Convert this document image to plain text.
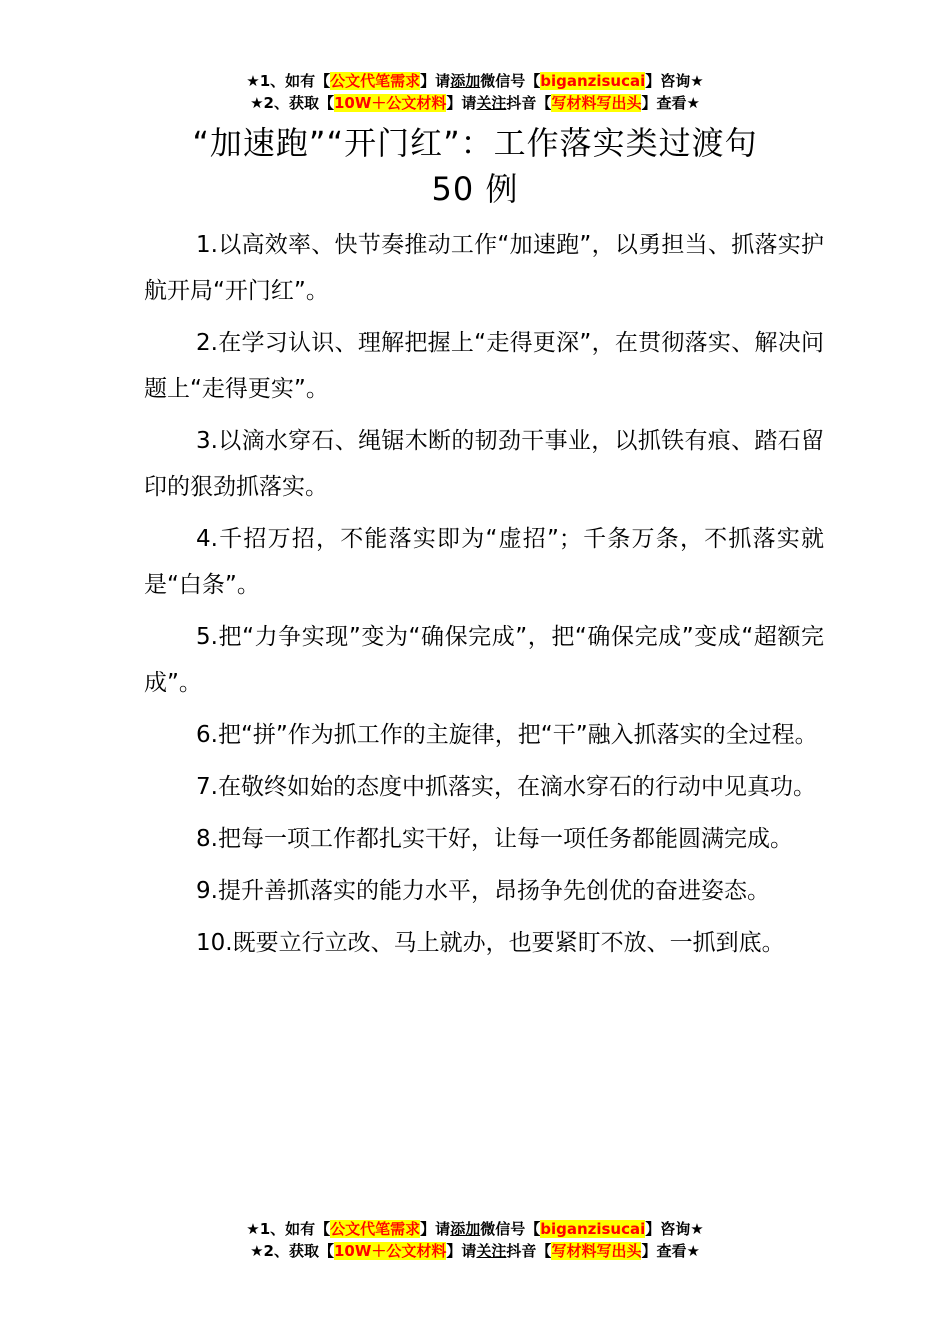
★1、如有【公文代笔需求】请添加微信号【biganzisucai】咨询★
★2、获取【10W＋公文材料】请关注抖音【写材料写出头】查看★
“加速跑”“开门红”：工作落实类过渡句
50 例

1.以高效率、快节奏推动工作“加速跑”，以勇担当、抓落实护航开局“开门红”。

2.在学习认识、理解把握上“走得更深”，在贯彻落实、解决问题上“走得更实”。

3.以滴水穿石、绳锯木断的韧劲干事业，以抓铁有痕、踏石留印的狠劲抓落实。

4.千招万招，不能落实即为“虚招”；千条万条，不抓落实就是“白条”。

5.把“力争实现”变为“确保完成”，把“确保完成”变成“超额完成”。

6.把“拼”作为抓工作的主旋律，把“干”融入抓落实的全过程。

7.在敬终如始的态度中抓落实，在滴水穿石的行动中见真功。

8.把每一项工作都扎实干好，让每一项任务都能圆满完成。

9.提升善抓落实的能力水平，昂扬争先创优的奋进姿态。

10.既要立行立改、马上就办，也要紧盯不放、一抓到底。

★1、如有【公文代笔需求】请添加微信号【biganzisucai】咨询★
★2、获取【10W＋公文材料】请关注抖音【写材料写出头】查看★
